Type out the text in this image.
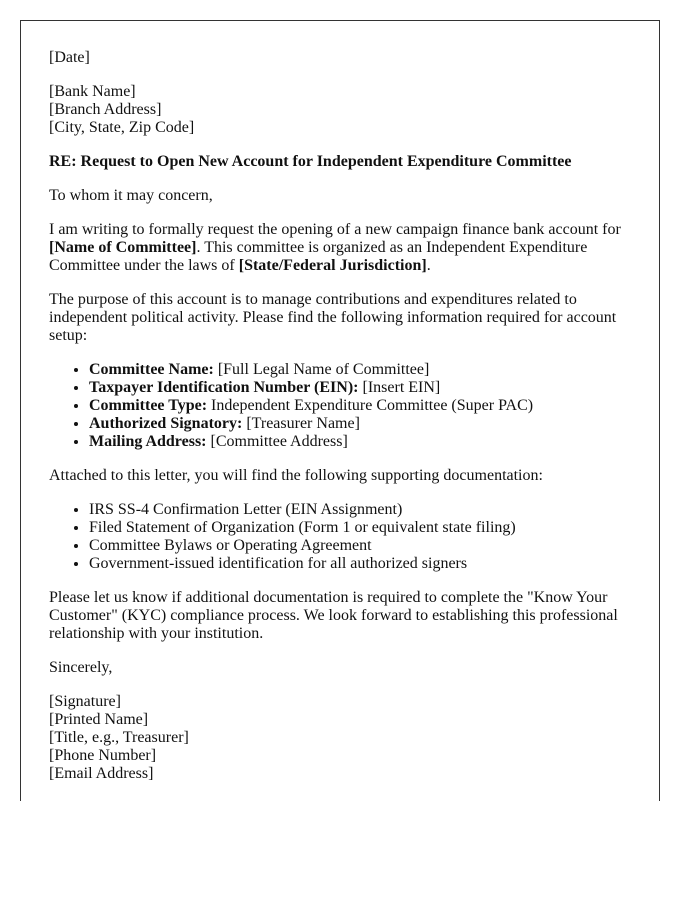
[Date]

[Bank Name]
[Branch Address]
[City, State, Zip Code]

RE: Request to Open New Account for Independent Expenditure Committee

To whom it may concern,

I am writing to formally request the opening of a new campaign finance bank account for [Name of Committee]. This committee is organized as an Independent Expenditure Committee under the laws of [State/Federal Jurisdiction].

The purpose of this account is to manage contributions and expenditures related to independent political activity. Please find the following information required for account setup:

• Committee Name: [Full Legal Name of Committee]
• Taxpayer Identification Number (EIN): [Insert EIN]
• Committee Type: Independent Expenditure Committee (Super PAC)
• Authorized Signatory: [Treasurer Name]
• Mailing Address: [Committee Address]

Attached to this letter, you will find the following supporting documentation:

• IRS SS-4 Confirmation Letter (EIN Assignment)
• Filed Statement of Organization (Form 1 or equivalent state filing)
• Committee Bylaws or Operating Agreement
• Government-issued identification for all authorized signers

Please let us know if additional documentation is required to complete the "Know Your Customer" (KYC) compliance process. We look forward to establishing this professional relationship with your institution.

Sincerely,

[Signature]
[Printed Name]
[Title, e.g., Treasurer]
[Phone Number]
[Email Address]
